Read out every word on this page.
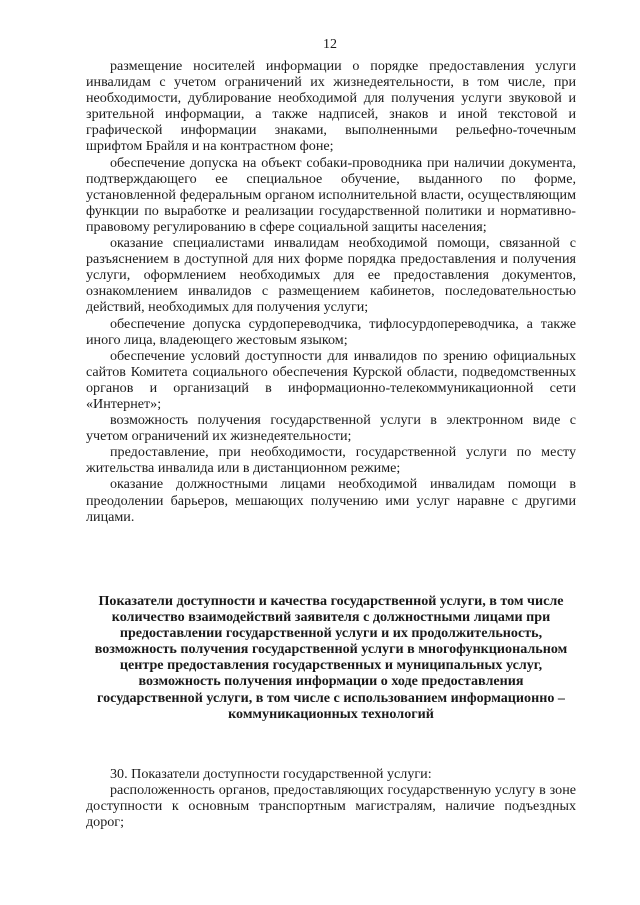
12

размещение носителей информации о порядке предоставления услуги инвалидам с учетом ограничений их жизнедеятельности, в том числе, при необходимости, дублирование необходимой для получения услуги звуковой и зрительной информации, а также надписей, знаков и иной текстовой и графической информации знаками, выполненными рельефно-точечным шрифтом Брайля и на контрастном фоне;

обеспечение допуска на объект собаки-проводника при наличии документа, подтверждающего ее специальное обучение, выданного по форме, установленной федеральным органом исполнительной власти, осуществляющим функции по выработке и реализации государственной политики и нормативно-правовому регулированию в сфере социальной защиты населения;

оказание специалистами инвалидам необходимой помощи, связанной с разъяснением в доступной для них форме порядка предоставления и получения услуги, оформлением необходимых для ее предоставления документов, ознакомлением инвалидов с размещением кабинетов, последовательностью действий, необходимых для получения услуги;

обеспечение допуска сурдопереводчика, тифлосурдопереводчика, а также иного лица, владеющего жестовым языком;

обеспечение условий доступности для инвалидов по зрению официальных сайтов Комитета социального обеспечения Курской области, подведомственных органов и организаций в информационно-телекоммуникационной сети «Интернет»;

возможность получения государственной услуги в электронном виде с учетом ограничений их жизнедеятельности;

предоставление, при необходимости, государственной услуги по месту жительства инвалида или в дистанционном режиме;

оказание должностными лицами необходимой инвалидам помощи в преодолении барьеров, мешающих получению ими услуг наравне с другими лицами.

Показатели доступности и качества государственной услуги, в том числе количество взаимодействий заявителя с должностными лицами при предоставлении государственной услуги и их продолжительность, возможность получения государственной услуги в многофункциональном центре предоставления государственных и муниципальных услуг, возможность получения информации о ходе предоставления государственной услуги, в том числе с использованием информационно – коммуникационных технологий

30. Показатели доступности государственной услуги:

расположенность органов, предоставляющих государственную услугу в зоне доступности к основным транспортным магистралям, наличие подъездных дорог;
